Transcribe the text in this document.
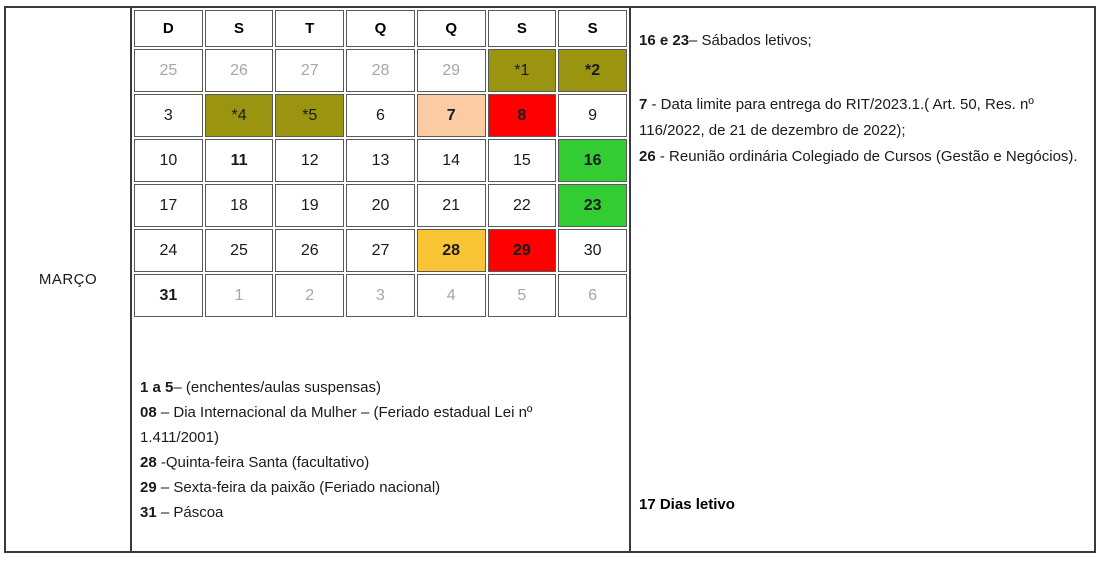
MARÇO
D	S	T	Q	Q	S	S
25	26	27	28	29	*1	*2
3	*4	*5	6	7	8	9
10	11	12	13	14	15	16
17	18	19	20	21	22	23
24	25	26	27	28	29	30
31	1	2	3	4	5	6
1 a 5– (enchentes/aulas suspensas)
08 – Dia Internacional da Mulher – (Feriado estadual Lei nº 1.411/2001)
28 -Quinta-feira Santa (facultativo)
29 – Sexta-feira da paixão (Feriado nacional)
31 – Páscoa
16 e 23– Sábados letivos;
7 - Data limite para entrega do RIT/2023.1.( Art. 50, Res. nº 116/2022, de 21 de dezembro de 2022);
26 - Reunião ordinária Colegiado de Cursos (Gestão e Negócios).
17 Dias letivo
